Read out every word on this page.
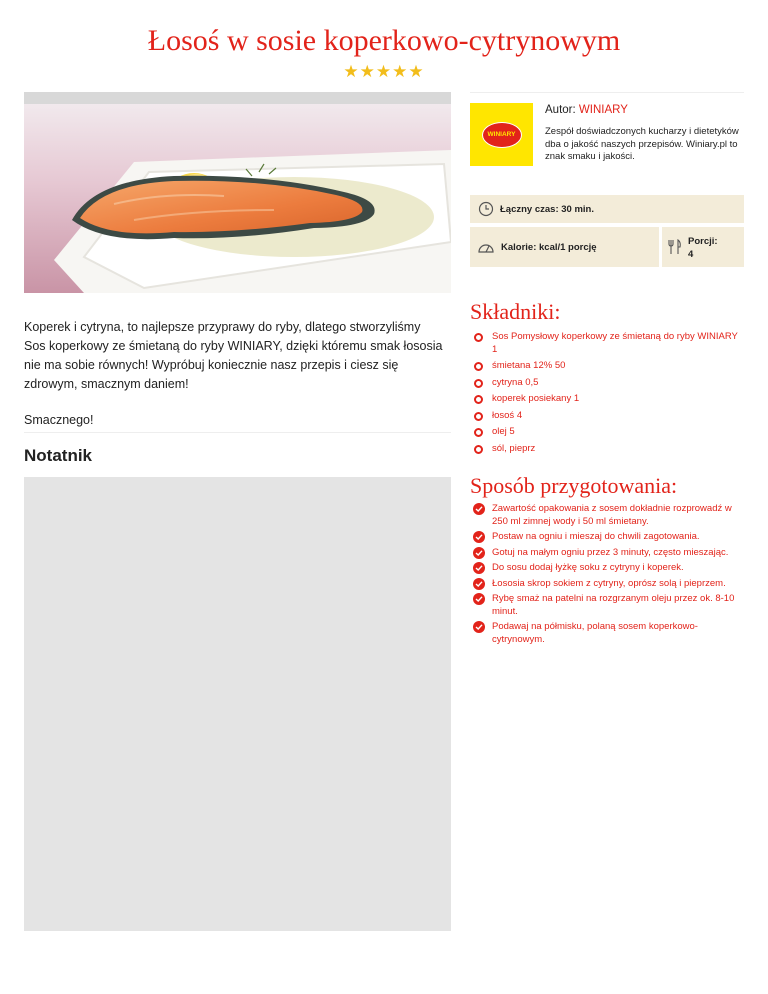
Łosoś w sosie koperkowo-cytrynowym
★★★★★

Koperek i cytryna, to najlepsze przyprawy do ryby, dlatego stworzyliśmy Sos koperkowy ze śmietaną do ryby WINIARY, dzięki któremu smak łososia nie ma sobie równych! Wypróbuj koniecznie nasz przepis i ciesz się zdrowym, smacznym daniem!

Smacznego!

Notatnik
WINIARY
Autor: WINIARY
Zespół doświadczonych kucharzy i dietetyków dba o jakość naszych przepisów. Winiary.pl to znak smaku i jakości.
Łączny czas: 30 min.
Kalorie: kcal/1 porcję	Porcji:
4
Składniki:
Sos Pomysłowy koperkowy ze śmietaną do ryby WINIARY 1
śmietana 12% 50
cytryna 0,5
koperek posiekany 1
łosoś 4
olej 5
sól, pieprz
Sposób przygotowania:
Zawartość opakowania z sosem dokładnie rozprowadź w 250 ml zimnej wody i 50 ml śmietany.
Postaw na ogniu i mieszaj do chwili zagotowania.
Gotuj na małym ogniu przez 3 minuty, często mieszając.
Do sosu dodaj łyżkę soku z cytryny i koperek.
Łososia skrop sokiem z cytryny, oprósz solą i pieprzem.
Rybę smaż na patelni na rozgrzanym oleju przez ok. 8-10 minut.
Podawaj na półmisku, polaną sosem koperkowo-cytrynowym.
